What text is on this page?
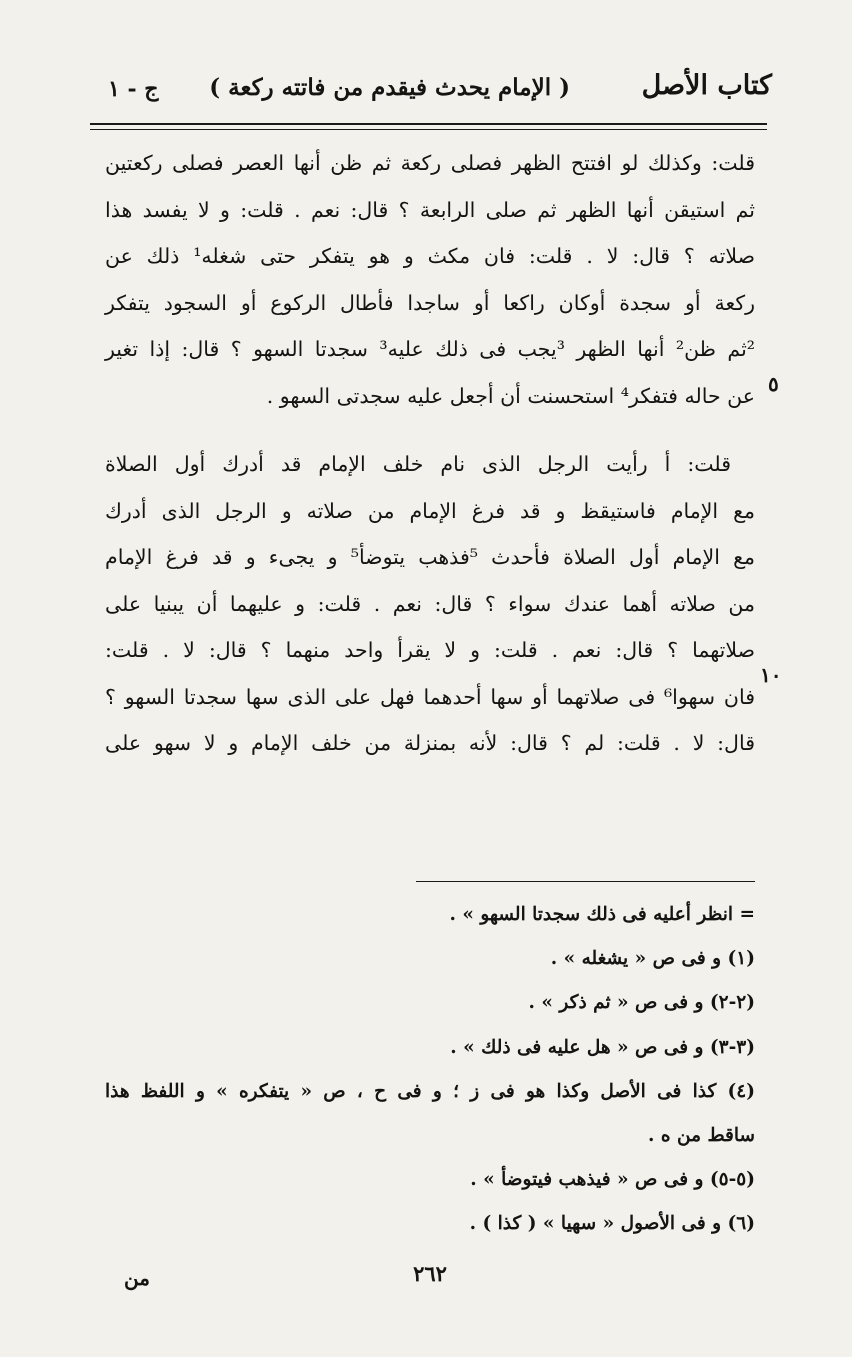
كتاب الأصل
( الإمام يحدث فيقدم من فاتته ركعة )
ج - ١

قلت: وكذلك لو افتتح الظهر فصلى ركعة ثم ظن أنها العصر فصلى ركعتين
ثم استيقن أنها الظهر ثم صلى الرابعة ؟ قال: نعم . قلت: و لا يفسد هذا
صلاته ؟ قال: لا . قلت: فان مكث و هو يتفكر حتى شغله¹ ذلك عن
ركعة أو سجدة أوكان راكعا أو ساجدا فأطال الركوع أو السجود يتفكر
²ثم ظن² أنها الظهر ³يجب فى ذلك عليه³ سجدتا السهو ؟ قال: إذا تغير
عن حاله فتفكر⁴ استحسنت أن أجعل عليه سجدتى السهو .

قلت: أ رأيت الرجل الذى نام خلف الإمام قد أدرك أول الصلاة
مع الإمام فاستيقظ و قد فرغ الإمام من صلاته و الرجل الذى أدرك
مع الإمام أول الصلاة فأحدث ⁵فذهب يتوضأ⁵ و يجىء و قد فرغ الإمام
من صلاته أهما عندك سواء ؟ قال: نعم . قلت: و عليهما أن يبنيا على
صلاتهما ؟ قال: نعم . قلت: و لا يقرأ واحد منهما ؟ قال: لا . قلت:
فان سهوا⁶ فى صلاتهما أو سها أحدهما فهل على الذى سها سجدتا السهو ؟
قال: لا . قلت: لم ؟ قال: لأنه بمنزلة من خلف الإمام و لا سهو على

٥
١٠
= انظر أعليه فى ذلك سجدتا السهو » .
(١) و فى ص « يشغله » .
(٢-٢) و فى ص « ثم ذكر » .
(٣-٣) و فى ص « هل عليه فى ذلك » .
(٤) كذا فى الأصل وكذا هو فى ز ؛ و فى ح ، ص « يتفكره » و اللفظ هذا
ساقط من ه .
(٥-٥) و فى ص « فيذهب فيتوضأ » .
(٦) و فى الأصول « سهيا » ( كذا ) .
٢٦٢
من
